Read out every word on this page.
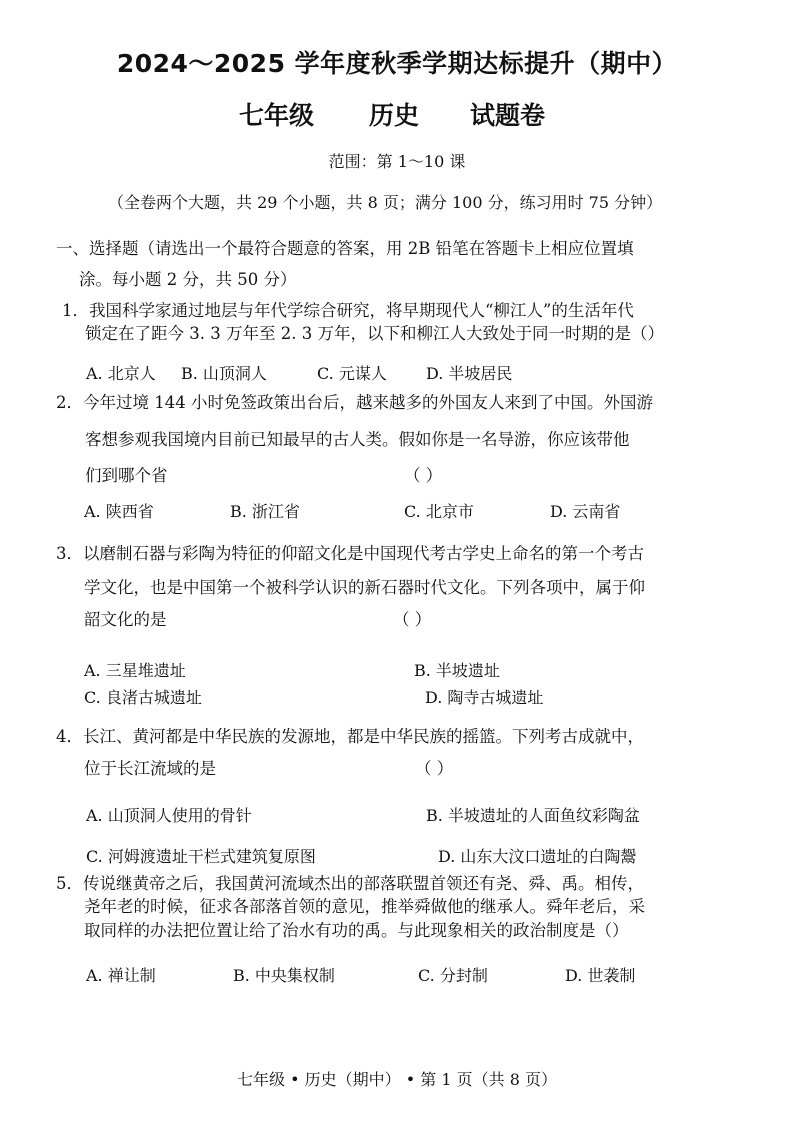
2024～2025 学年度秋季学期达标提升（期中）
七年级 历史 试题卷
范围：第 1～10 课
（全卷两个大题，共 29 个小题，共 8 页；满分 100 分，练习用时 75 分钟）
一、选择题（请选出一个最符合题意的答案，用 2B 铅笔在答题卡上相应位置填
涂。每小题 2 分，共 50 分）
1．我国科学家通过地层与年代学综合研究，将早期现代人“柳江人”的生活年代
锁定在了距今 3. 3 万年至 2. 3 万年，以下和柳江人大致处于同一时期的是（）
A. 北京人 B. 山顶洞人	C. 元谋人 D. 半坡居民
2．今年过境 144 小时免签政策出台后，越来越多的外国友人来到了中国。外国游
客想参观我国境内目前已知最早的古人类。假如你是一名导游，你应该带他
们到哪个省	（ ）
A. 陕西省	B. 浙江省	C. 北京市	D. 云南省
3．以磨制石器与彩陶为特征的仰韶文化是中国现代考古学史上命名的第一个考古
学文化，也是中国第一个被科学认识的新石器时代文化。下列各项中，属于仰
韶文化的是	（ ）
A. 三星堆遗址	B. 半坡遗址
C. 良渚古城遗址	D. 陶寺古城遗址
4．长江、黄河都是中华民族的发源地，都是中华民族的摇篮。下列考古成就中，
位于长江流域的是	（ ）
A. 山顶洞人使用的骨针	B. 半坡遗址的人面鱼纹彩陶盆
C. 河姆渡遗址干栏式建筑复原图	D. 山东大汶口遗址的白陶鬶
5．传说继黄帝之后，我国黄河流域杰出的部落联盟首领还有尧、舜、禹。相传，
尧年老的时候，征求各部落首领的意见，推举舜做他的继承人。舜年老后，采
取同样的办法把位置让给了治水有功的禹。与此现象相关的政治制度是（）
A. 禅让制	B. 中央集权制	C. 分封制	D. 世袭制
七年级 • 历史（期中） • 第 1 页（共 8 页）
